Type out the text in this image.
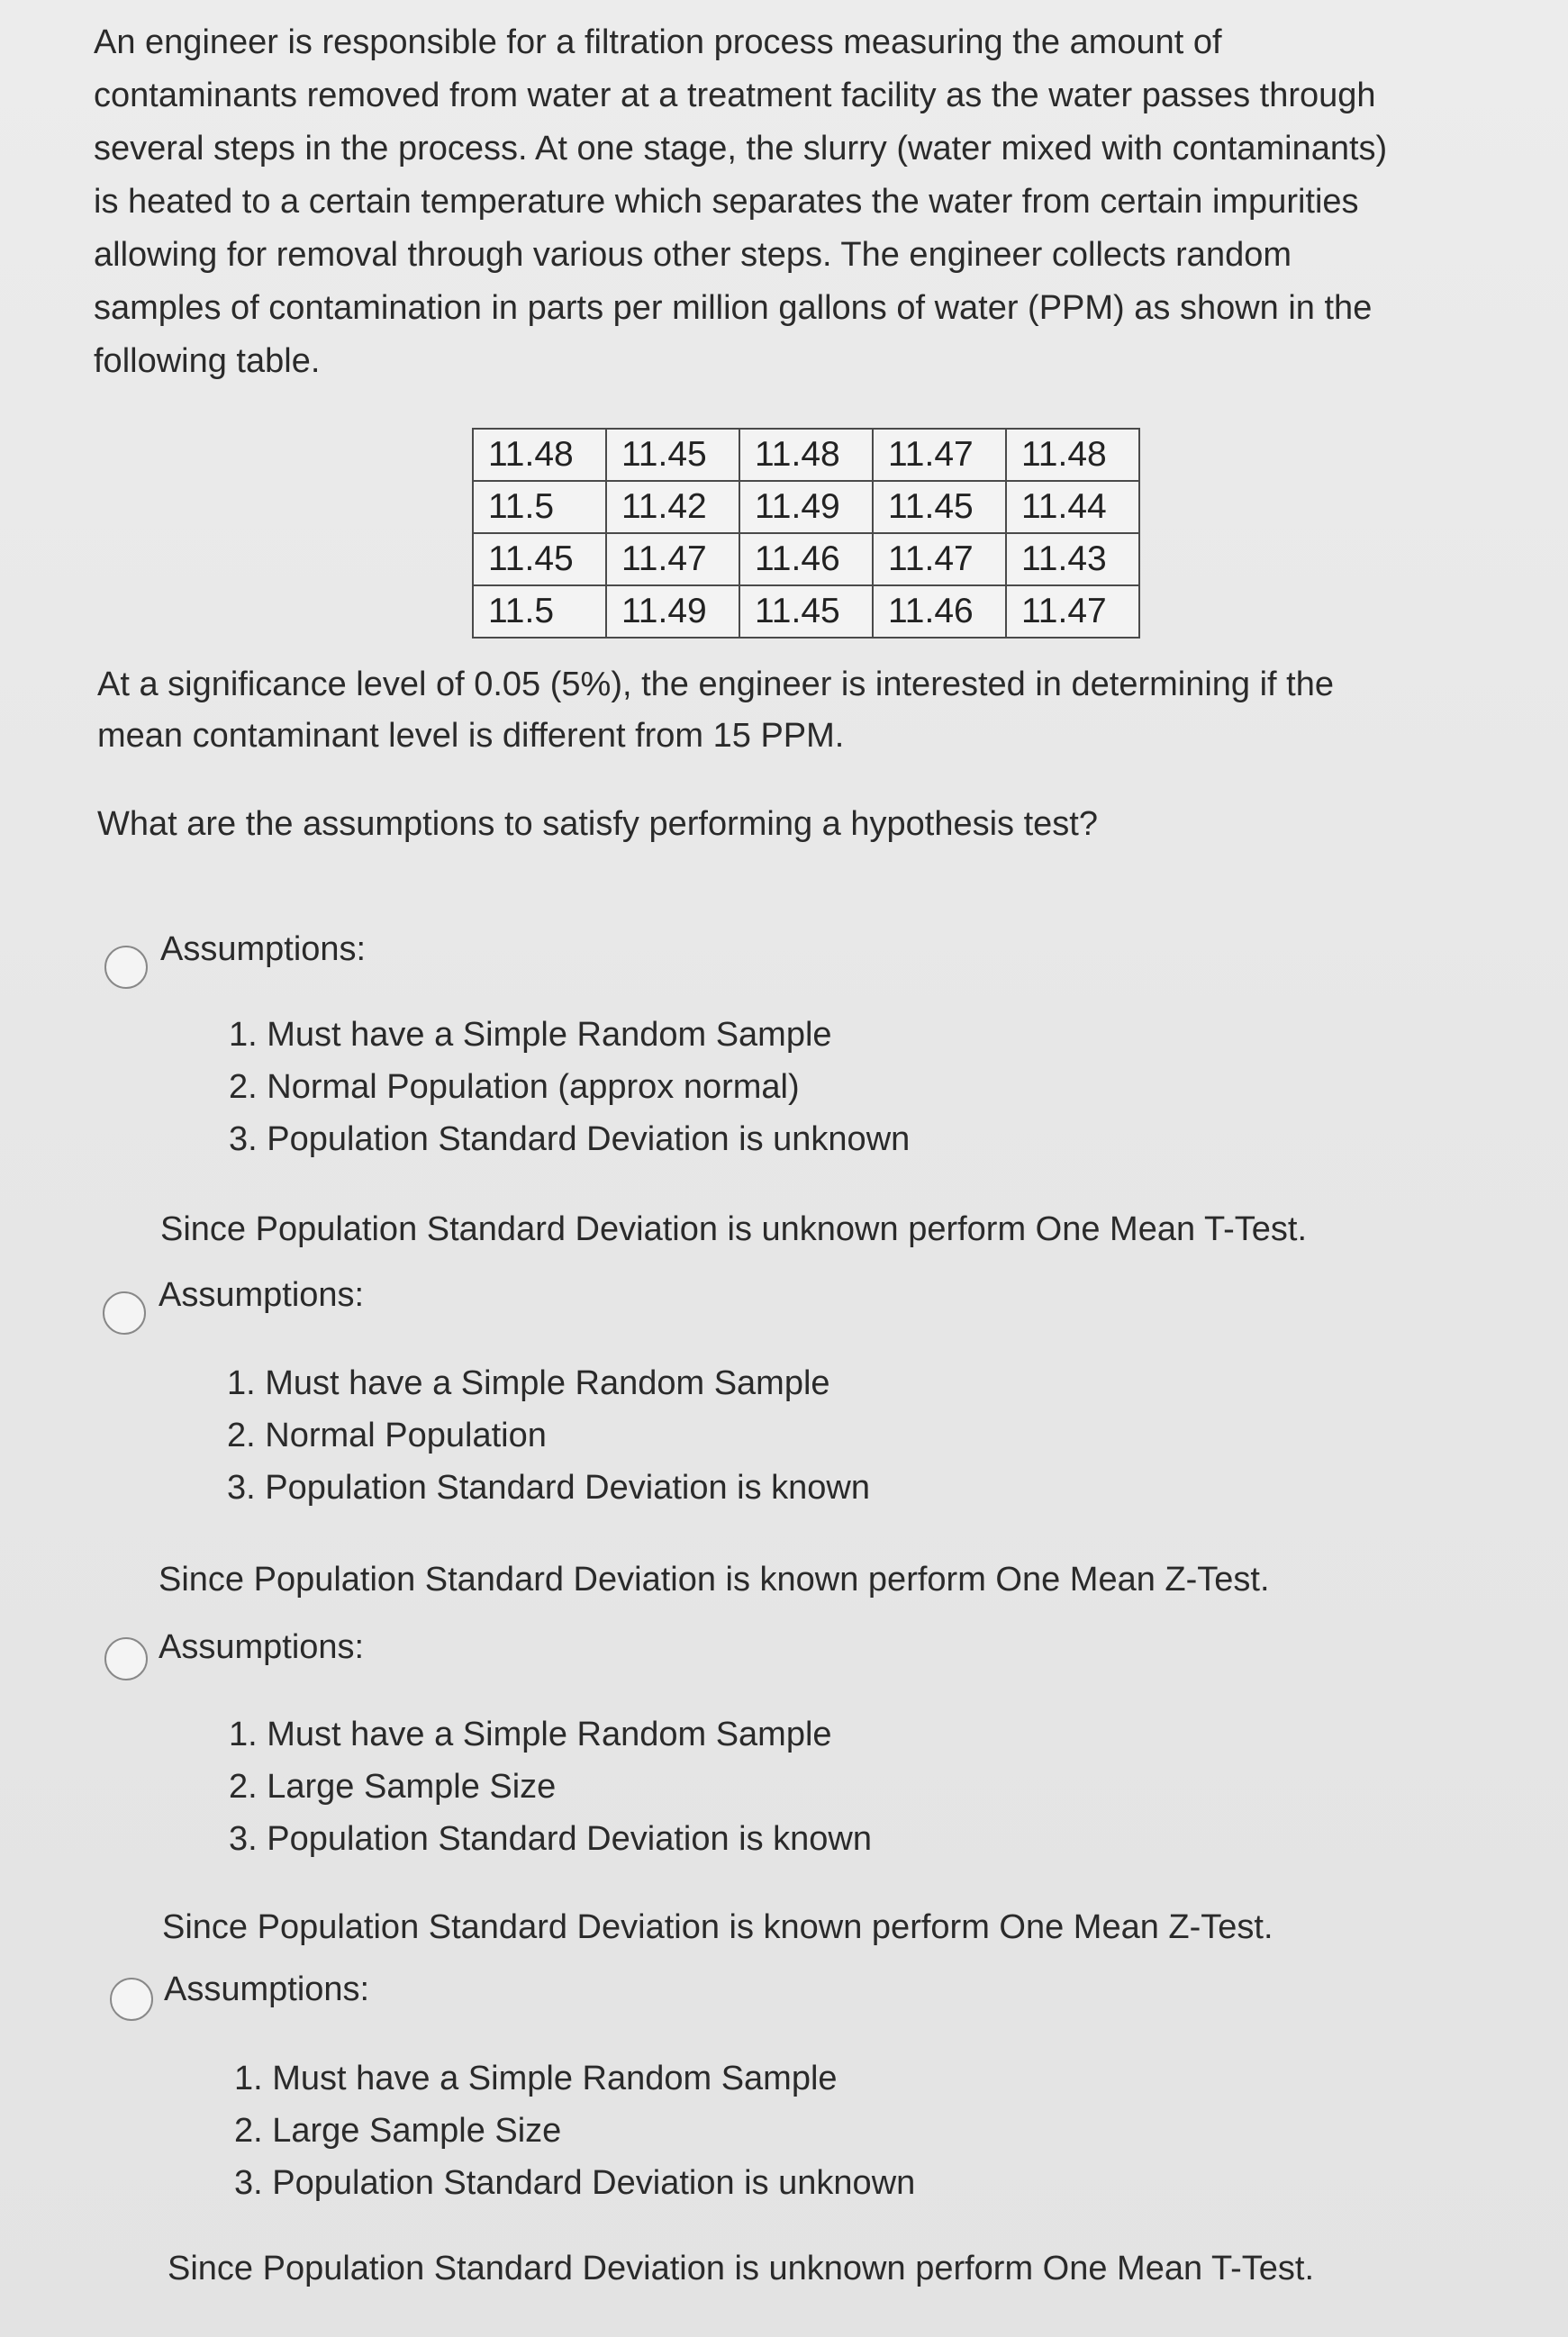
An engineer is responsible for a filtration process measuring the amount of
contaminants removed from water at a treatment facility as the water passes through
several steps in the process. At one stage, the slurry (water mixed with contaminants)
is heated to a certain temperature which separates the water from certain impurities
allowing for removal through various other steps. The engineer collects random
samples of contamination in parts per million gallons of water (PPM) as shown in the
following table.
11.48	11.45	11.48	11.47	11.48
11.5	11.42	11.49	11.45	11.44
11.45	11.47	11.46	11.47	11.43
11.5	11.49	11.45	11.46	11.47
At a significance level of 0.05 (5%), the engineer is interested in determining if the
mean contaminant level is different from 15 PPM.
What are the assumptions to satisfy performing a hypothesis test?
Assumptions:
1. Must have a Simple Random Sample
2. Normal Population (approx normal)
3. Population Standard Deviation is unknown
Since Population Standard Deviation is unknown perform One Mean T-Test.
Assumptions:
1. Must have a Simple Random Sample
2. Normal Population
3. Population Standard Deviation is known
Since Population Standard Deviation is known perform One Mean Z-Test.
Assumptions:
1. Must have a Simple Random Sample
2. Large Sample Size
3. Population Standard Deviation is known
Since Population Standard Deviation is known perform One Mean Z-Test.
Assumptions:
1. Must have a Simple Random Sample
2. Large Sample Size
3. Population Standard Deviation is unknown
Since Population Standard Deviation is unknown perform One Mean T-Test.
